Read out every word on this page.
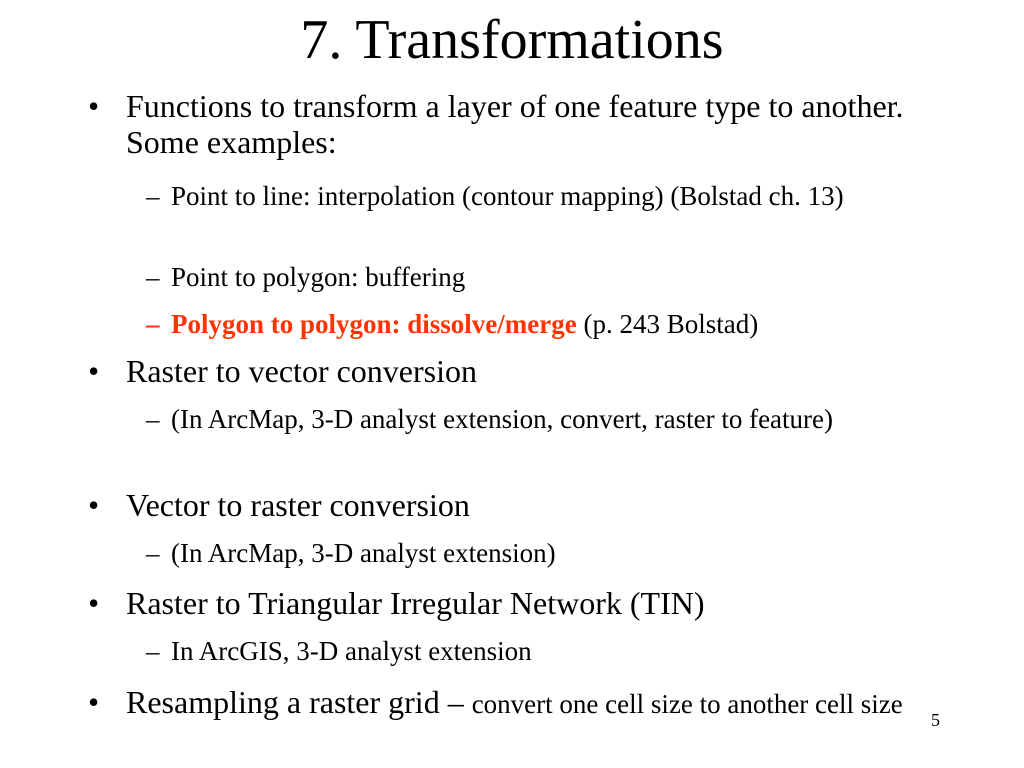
7. Transformations
• Functions to transform a layer of one feature type to another. Some examples:
– Point to line: interpolation (contour mapping) (Bolstad ch. 13)
– Point to polygon: buffering
– Polygon to polygon: dissolve/merge (p. 243 Bolstad)
• Raster to vector conversion
– (In ArcMap, 3-D analyst extension, convert, raster to feature)
• Vector to raster conversion
– (In ArcMap, 3-D analyst extension)
• Raster to Triangular Irregular Network (TIN)
– In ArcGIS, 3-D analyst extension
• Resampling a raster grid – convert one cell size to another cell size
5
